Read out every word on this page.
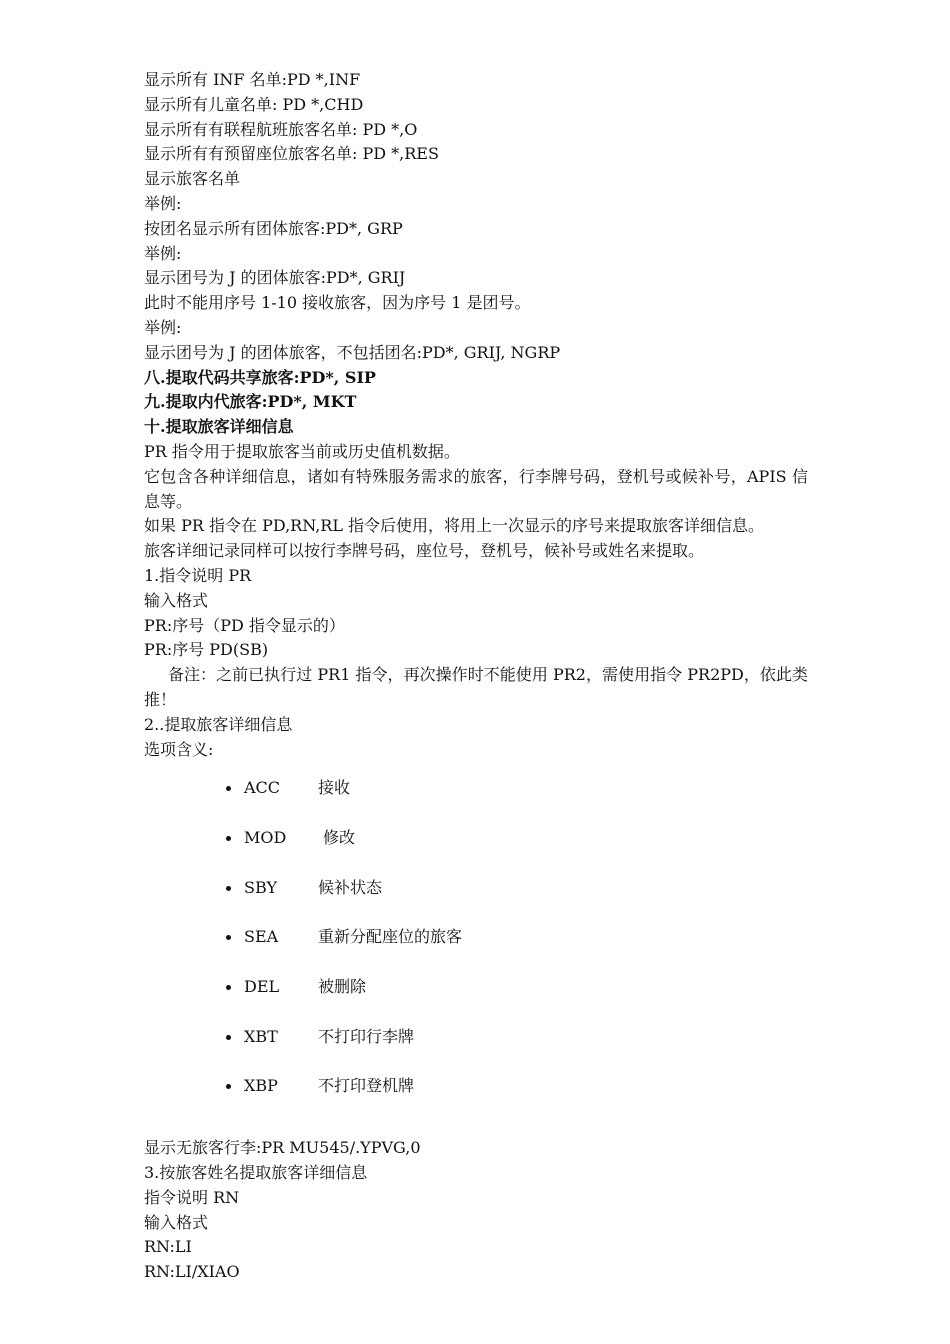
显示所有 INF 名单:PD *,INF
显示所有儿童名单: PD *,CHD
显示所有有联程航班旅客名单: PD *,O
显示所有有预留座位旅客名单: PD *,RES
显示旅客名单
举例:
按团名显示所有团体旅客:PD*, GRP
举例:
显示团号为 J 的团体旅客:PD*, GRIJ
此时不能用序号 1-10 接收旅客，因为序号 1 是团号。
举例:
显示团号为 J 的团体旅客，不包括团名:PD*, GRIJ, NGRP
八.提取代码共享旅客:PD*, SIP
九.提取内代旅客:PD*, MKT
十.提取旅客详细信息
PR 指令用于提取旅客当前或历史值机数据。
它包含各种详细信息，诸如有特殊服务需求的旅客，行李牌号码，登机号或候补号，APIS 信息等。
如果 PR 指令在 PD,RN,RL 指令后使用，将用上一次显示的序号来提取旅客详细信息。
旅客详细记录同样可以按行李牌号码，座位号，登机号，候补号或姓名来提取。
1.指令说明 PR
输入格式
PR:序号（PD 指令显示的）
PR:序号 PD(SB)
备注：之前已执行过 PR1 指令，再次操作时不能使用 PR2，需使用指令 PR2PD，依此类推！
2..提取旅客详细信息
选项含义:
ACC 接收
MOD 修改
SBY	候补状态
SEA 重新分配座位的旅客
DEL 被删除
XBT	不打印行李牌
XBP	不打印登机牌
显示无旅客行李:PR MU545/.YPVG,0
3.按旅客姓名提取旅客详细信息
指令说明 RN
输入格式
RN:LI
RN:LI/XIAO
